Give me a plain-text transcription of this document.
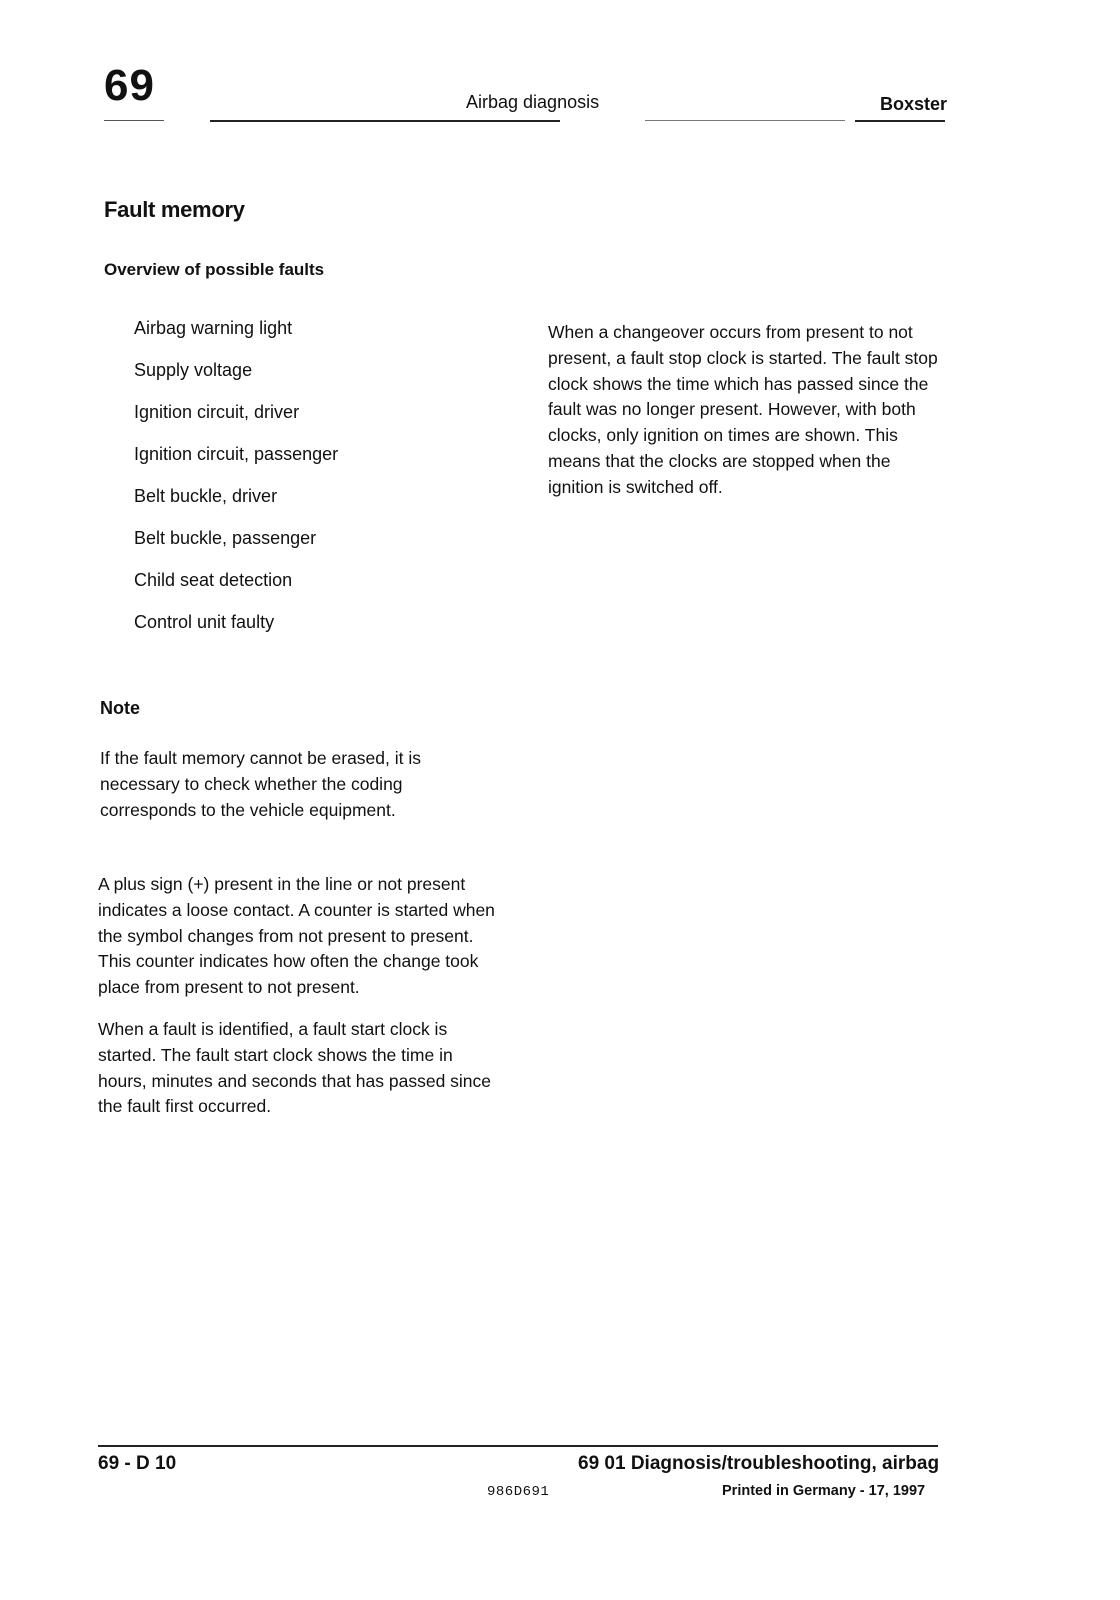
69	Airbag diagnosis	Boxster
Fault memory
Overview of possible faults
Airbag warning light
Supply voltage
Ignition circuit, driver
Ignition circuit, passenger
Belt buckle, driver
Belt buckle, passenger
Child seat detection
Control unit faulty
When a changeover occurs from present to not present, a fault stop clock is started. The fault stop clock shows the time which has passed since the fault was no longer present. However, with both clocks, only ignition on times are shown. This means that the clocks are stopped when the ignition is switched off.
Note
If the fault memory cannot be erased, it is necessary to check whether the coding corresponds to the vehicle equipment.
A plus sign (+) present in the line or not present indicates a loose contact. A counter is started when the symbol changes from not present to present. This counter indicates how often the change took place from present to not present.
When a fault is identified, a fault start clock is started. The fault start clock shows the time in hours, minutes and seconds that has passed since the fault first occurred.
69 - D 10	69 01 Diagnosis/troubleshooting, airbag
986D691	Printed in Germany - 17, 1997
